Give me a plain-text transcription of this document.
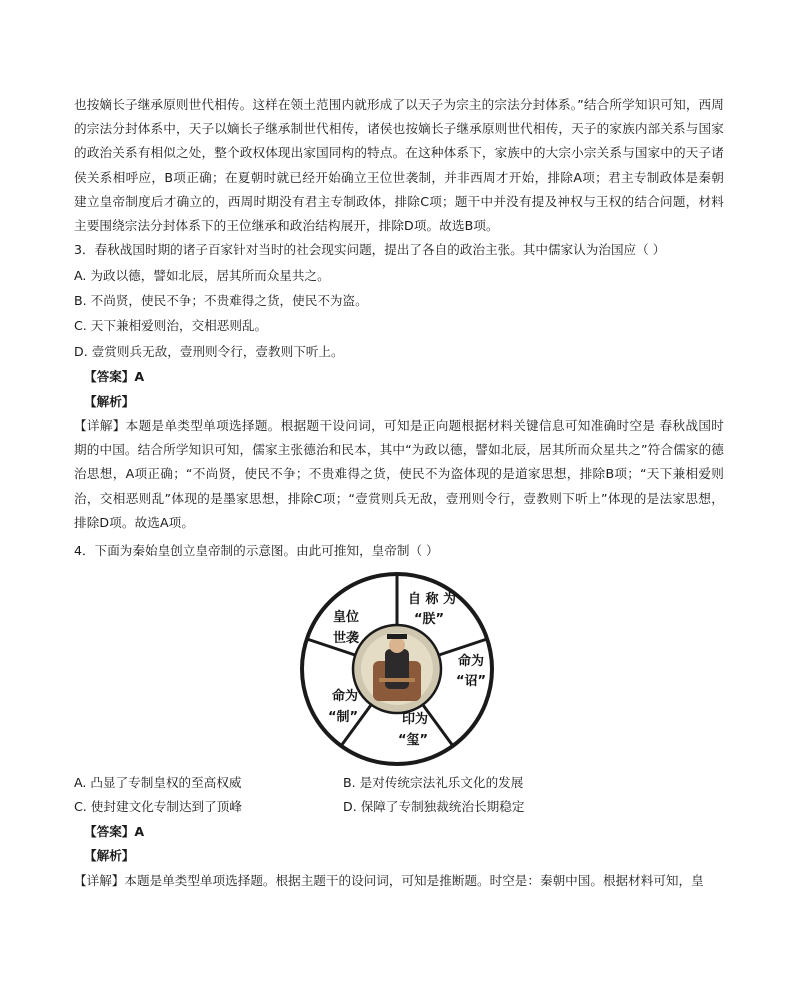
也按嫡长子继承原则世代相传。这样在领土范围内就形成了以天子为宗主的宗法分封体系。”结合所学知识可知，西周的宗法分封体系中，天子以嫡长子继承制世代相传，诸侯也按嫡长子继承原则世代相传，天子的家族内部关系与国家的政治关系有相似之处，整个政权体现出家国同构的特点。在这种体系下，家族中的大宗小宗关系与国家中的天子诸侯关系相呼应，B项正确；在夏朝时就已经开始确立王位世袭制，并非西周才开始，排除A项；君主专制政体是秦朝建立皇帝制度后才确立的，西周时期没有君主专制政体，排除C项；题干中并没有提及神权与王权的结合问题，材料主要围绕宗法分封体系下的王位继承和政治结构展开，排除D项。故选B项。
3．春秋战国时期的诸子百家针对当时的社会现实问题，提出了各自的政治主张。其中儒家认为治国应（ ）
A. 为政以德，譬如北辰，居其所而众星共之。
B. 不尚贤，使民不争；不贵难得之货，使民不为盗。
C. 天下兼相爱则治，交相恶则乱。
D. 壹赏则兵无敌，壹刑则令行，壹教则下听上。
【答案】A
【解析】
【详解】本题是单类型单项选择题。根据题干设问词，可知是正向题根据材料关键信息可知准确时空是 春秋战国时期的中国。结合所学知识可知，儒家主张德治和民本，其中“为政以德，譬如北辰，居其所而众星共之”符合儒家的德治思想，A项正确；“不尚贤，使民不争；不贵难得之货，使民不为盗体现的是道家思想，排除B项；“天下兼相爱则治，交相恶则乱”体现的是墨家思想，排除C项；“壹赏则兵无敌，壹刑则令行，壹教则下听上”体现的是法家思想，排除D项。故选A项。
4．下面为秦始皇创立皇帝制的示意图。由此可推知，皇帝制（ ）
自 称 为
“朕”
命为
“诏”
印为
“玺”
命为
“制”
皇位
世袭
A. 凸显了专制皇权的至高权威	B. 是对传统宗法礼乐文化的发展
C. 使封建文化专制达到了顶峰	D. 保障了专制独裁统治长期稳定
【答案】A
【解析】
【详解】本题是单类型单项选择题。根据主题干的设问词，可知是推断题。时空是：秦朝中国。根据材料可知，皇
